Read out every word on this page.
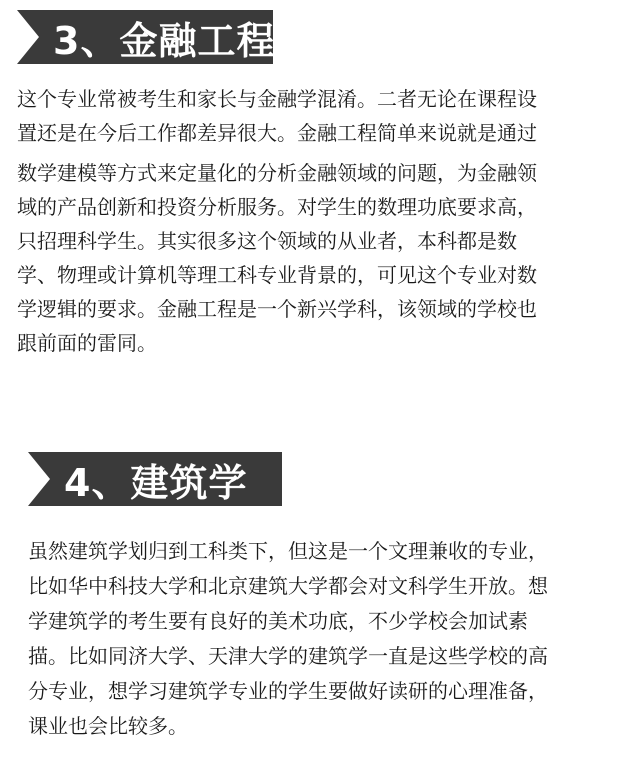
3、金融工程
这个专业常被考生和家长与金融学混淆。二者无论在课程设
置还是在今后工作都差异很大。金融工程简单来说就是通过
数学建模等方式来定量化的分析金融领域的问题，为金融领
域的产品创新和投资分析服务。对学生的数理功底要求高，
只招理科学生。其实很多这个领域的从业者，本科都是数
学、物理或计算机等理工科专业背景的，可见这个专业对数
学逻辑的要求。金融工程是一个新兴学科，该领域的学校也
跟前面的雷同。
4、建筑学
虽然建筑学划归到工科类下，但这是一个文理兼收的专业，
比如华中科技大学和北京建筑大学都会对文科学生开放。想
学建筑学的考生要有良好的美术功底，不少学校会加试素
描。比如同济大学、天津大学的建筑学一直是这些学校的高
分专业，想学习建筑学专业的学生要做好读研的心理准备，
课业也会比较多。
